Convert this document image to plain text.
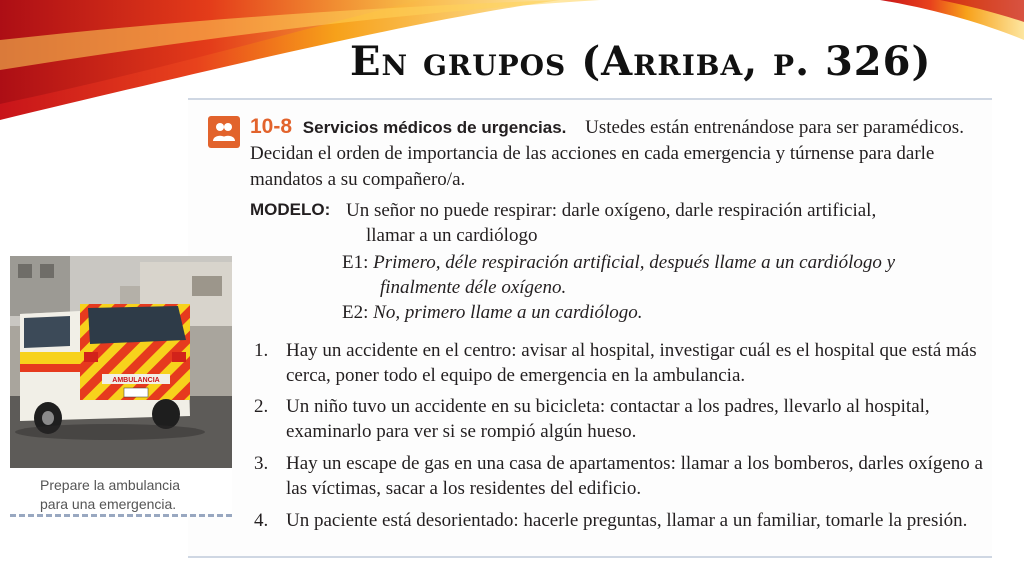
En grupos (Arriba, p. 326)
10-8 Servicios médicos de urgencias. Ustedes están entrenándose para ser paramédicos. Decidan el orden de importancia de las acciones en cada emergencia y túrnense para darle mandatos a su compañero/a.
MODELO: Un señor no puede respirar: darle oxígeno, darle respiración artificial,
llamar a un cardiólogo
E1: Primero, déle respiración artificial, después llame a un cardiólogo y
finalmente déle oxígeno.
E2: No, primero llame a un cardiólogo.
1. Hay un accidente en el centro: avisar al hospital, investigar cuál es el hospital que está más cerca, poner todo el equipo de emergencia en la ambulancia.
2. Un niño tuvo un accidente en su bicicleta: contactar a los padres, llevarlo al hospital, examinarlo para ver si se rompió algún hueso.
3. Hay un escape de gas en una casa de apartamentos: llamar a los bomberos, darles oxígeno a las víctimas, sacar a los residentes del edificio.
4. Un paciente está desorientado: hacerle preguntas, llamar a un familiar, tomarle la presión.
AMBULANCIA
Prepare la ambulancia
para una emergencia.
